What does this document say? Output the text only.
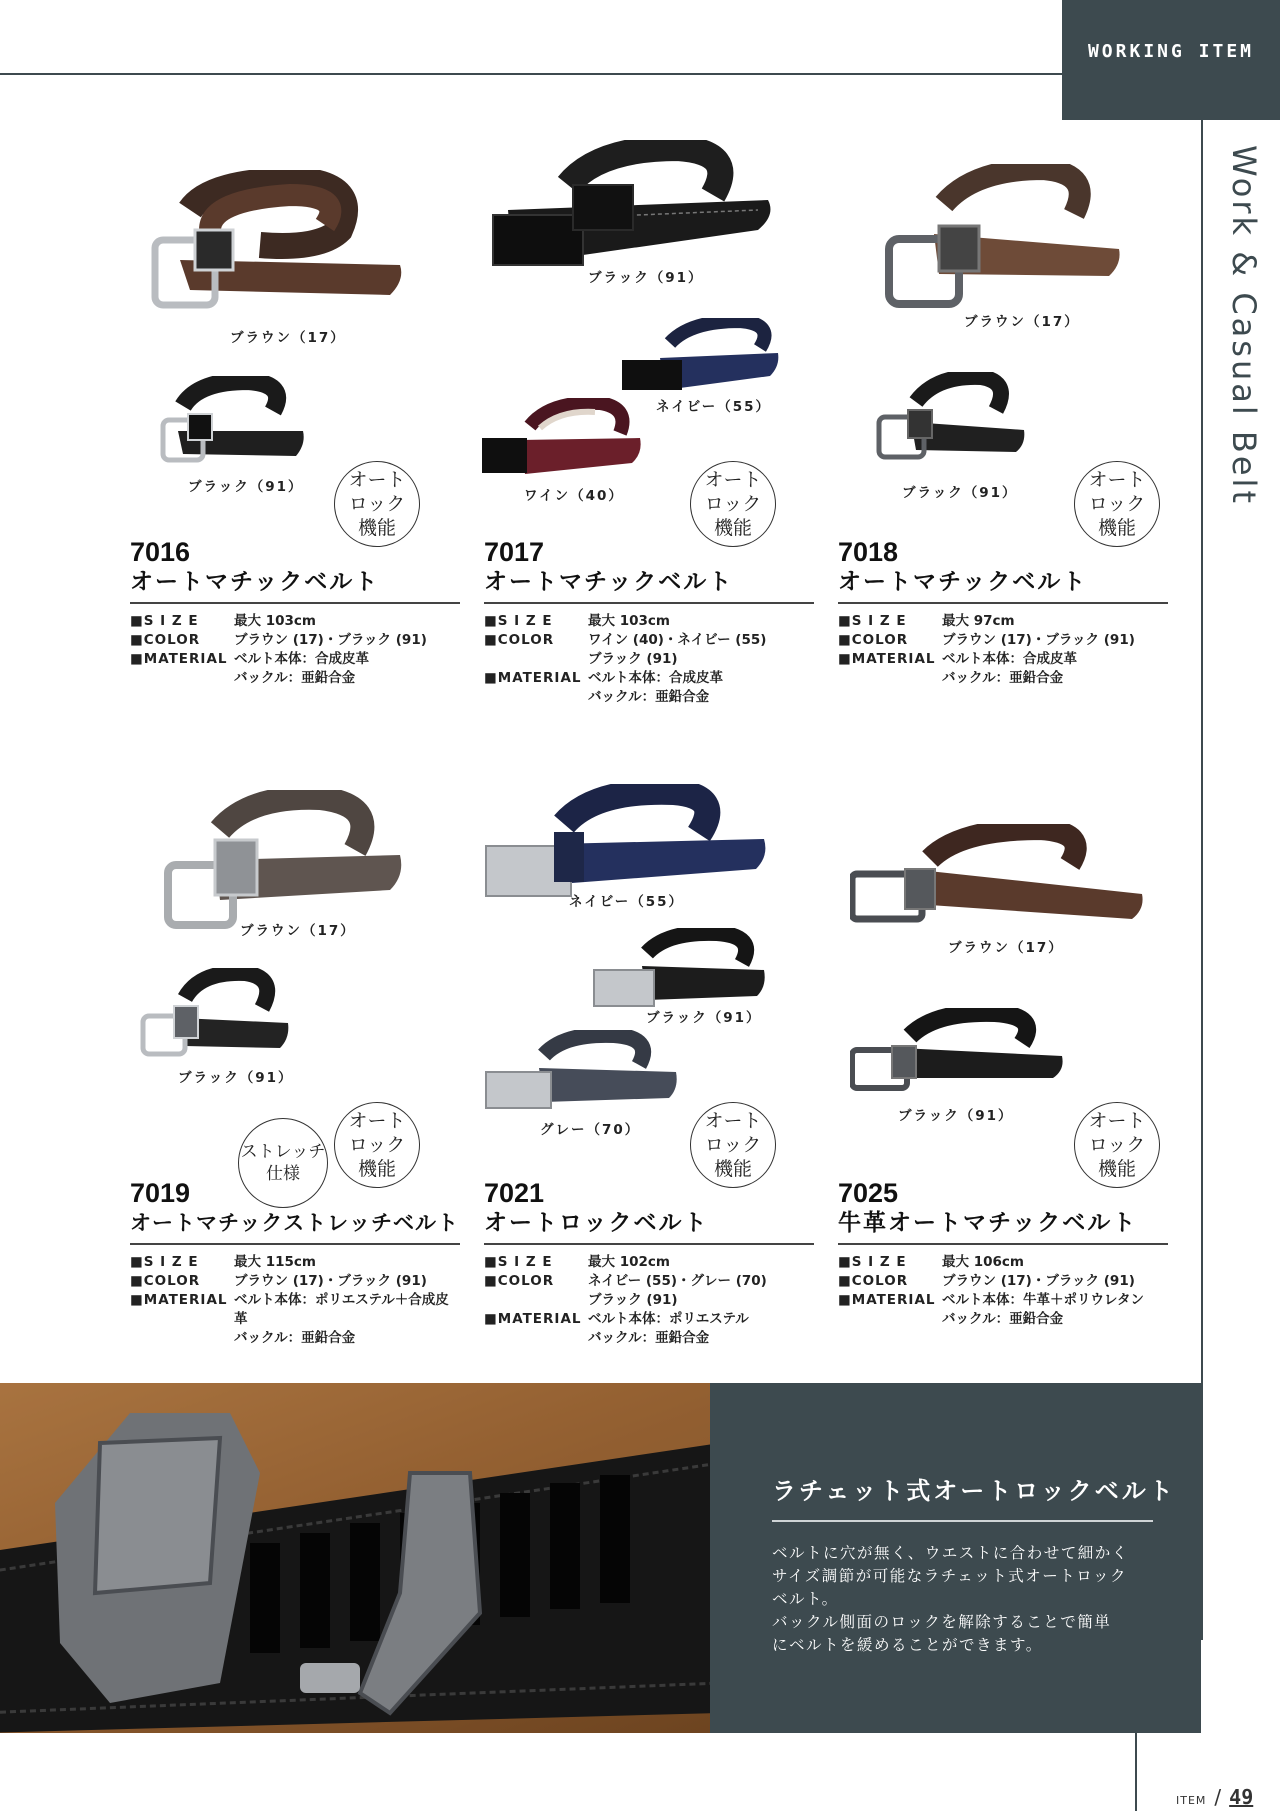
WORKING ITEM
Work & Casual Belt
ブラウン（17）
ブラック（91） オート
ロック
機能
ブラック（91）
ネイビー（55）
ワイン（40）
オート
ロック
機能
ブラウン（17）
ブラック（91）
オート
ロック
機能
7016
オートマチックベルト
■S I Z E	最大 103cm
■COLOR	ブラウン (17)・ブラック (91)
■MATERIAL ベルト本体：合成皮革
バックル：亜鉛合金
7017
オートマチックベルト
■S I Z E	最大 103cm
■COLOR	ワイン (40)・ネイビー (55)
ブラック (91)
■MATERIAL ベルト本体：合成皮革
バックル：亜鉛合金
7018
オートマチックベルト
■S I Z E	最大 97cm
■COLOR	ブラウン (17)・ブラック (91)
■MATERIAL ベルト本体：合成皮革
バックル：亜鉛合金
ブラウン（17）
ブラック（91）
ストレッチ
仕様
オート
ロック
機能
ネイビー（55）
ブラック（91）
グレー（70）	オート
ロック
機能
ブラウン（17）
ブラック（91）	オート
ロック
機能
7019
オートマチックストレッチベルト
■S I Z E	最大 115cm
■COLOR	ブラウン (17)・ブラック (91)
■MATERIAL ベルト本体：ポリエステル＋合成皮革
バックル：亜鉛合金
7021
オートロックベルト
■S I Z E	最大 102cm
■COLOR	ネイビー (55)・グレー (70)
ブラック (91)
■MATERIAL ベルト本体：ポリエステル
バックル：亜鉛合金
7025
牛革オートマチックベルト
■S I Z E	最大 106cm
■COLOR	ブラウン (17)・ブラック (91)
■MATERIAL ベルト本体：牛革＋ポリウレタン
バックル：亜鉛合金
ラチェット式オートロックベルト
ベルトに穴が無く、ウエストに合わせて細かく
サイズ調節が可能なラチェット式オートロック
ベルト。
バックル側面のロックを解除することで簡単
にベルトを緩めることができます。
ITEM / 49
